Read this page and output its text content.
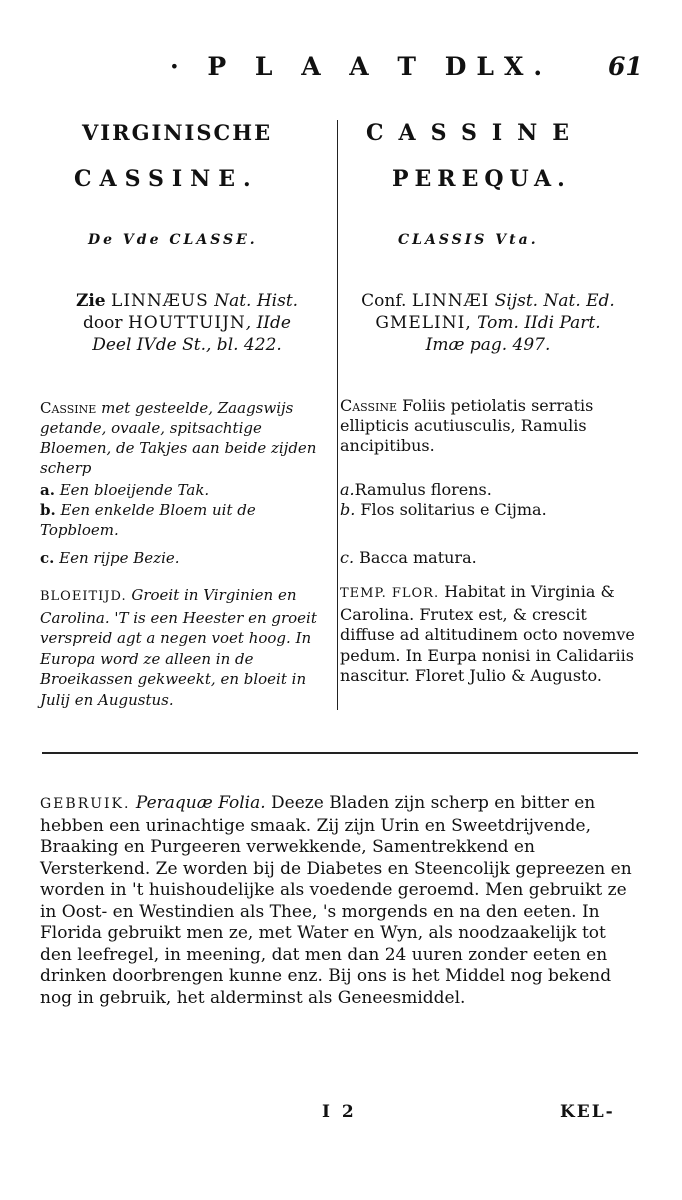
· P L A A T DLX. 61
VIRGINISCHE
CASSINE.
CASSINE
PEREQUA.
De Vde CLASSE.	CLASSIS Vta.
Zie LINNÆUS Nat. Hist.
door HOUTTUIJN, IIde
Deel IVde St., bl. 422.
Conf. LINNÆI Sijst. Nat. Ed.
GMELINI, Tom. IIdi Part.
Imæ pag. 497.
Cassine met gesteelde, Zaagswijs getande, ovaale, spitsachtige Bloemen, de Takjes aan beide zijden scherp
Cassine Foliis petiolatis serratis ellipticis acutiusculis, Ramulis ancipitibus.

a. Een bloeijende Tak.

b. Een enkelde Bloem uit de Topbloem.

c. Een rijpe Bezie.

a.Ramulus florens.

b. Flos solitarius e Cijma.

c. Bacca matura.

BLOEITIJD. Groeit in Virginien en Carolina. 'T is een Heester en groeit verspreid agt a negen voet hoog. In Europa word ze alleen in de Broeikassen gekweekt, en bloeit in Julij en Augustus.
TEMP. FLOR. Habitat in Virginia & Carolina. Frutex est, & crescit diffuse ad altitudinem octo novemve pedum. In Eurpa nonisi in Calidariis nascitur. Floret Julio & Augusto.
GEBRUIK. Peraquæ Folia. Deeze Bladen zijn scherp en bitter en hebben een urinachtige smaak. Zij zijn Urin en Sweetdrijvende, Braaking en Purgeeren verwekkende, Samentrekkend en Versterkend. Ze worden bij de Diabetes en Steencolijk gepreezen en worden in 't huishoudelijke als voedende geroemd. Men gebruikt ze in Oost- en Westindien als Thee, 's morgends en na den eeten. In Florida gebruikt men ze, met Water en Wyn, als noodzaakelijk tot den leefregel, in meening, dat men dan 24 uuren zonder eeten en drinken doorbrengen kunne enz. Bij ons is het Middel nog bekend nog in gebruik, het alderminst als Geneesmiddel.
I 2	KEL-
